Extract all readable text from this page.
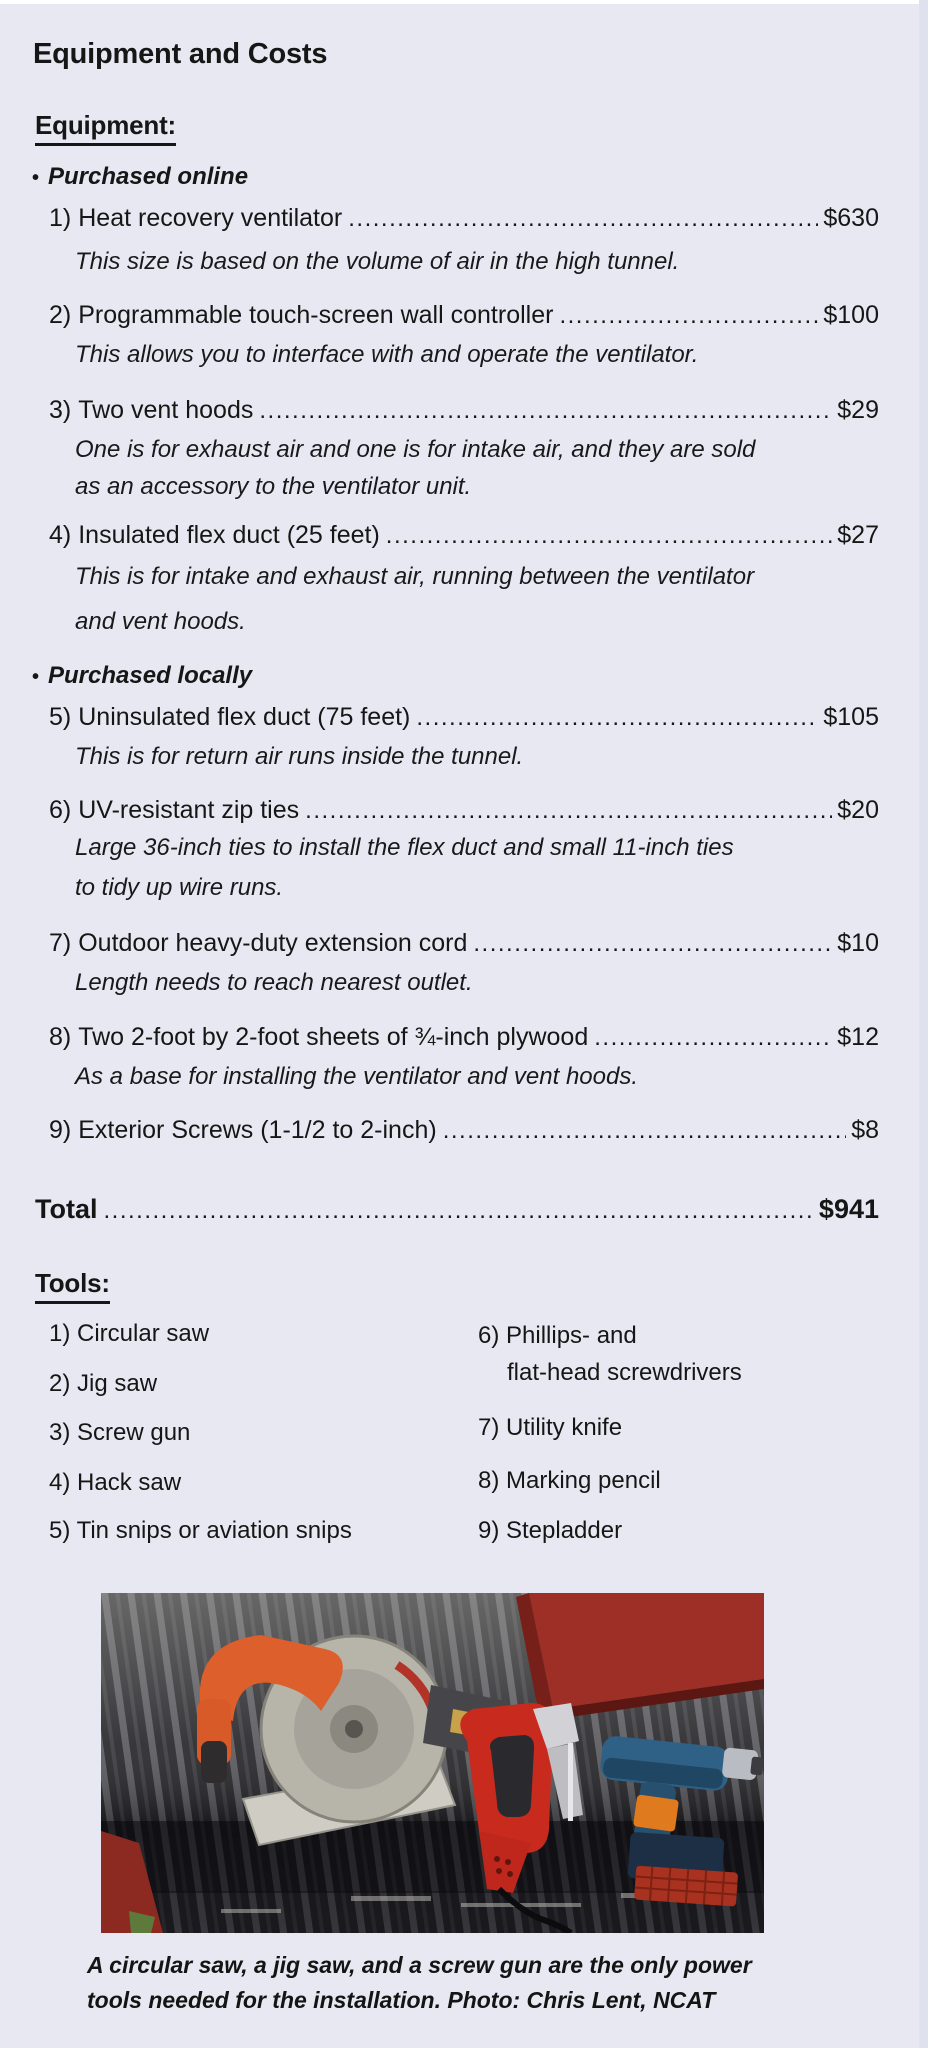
Equipment and Costs
Equipment:
• Purchased online
1) Heat recovery ventilator .....	$630
This size is based on the volume of air in the high tunnel.
2) Programmable touch-screen wall controller .....	$100
This allows you to interface with and operate the ventilator.
3) Two vent hoods .....	$29
One is for exhaust air and one is for intake air, and they are sold
as an accessory to the ventilator unit.
4) Insulated flex duct (25 feet) .....	$27
This is for intake and exhaust air, running between the ventilator
and vent hoods.
• Purchased locally
5) Uninsulated flex duct (75 feet) .....	$105
This is for return air runs inside the tunnel.
6) UV-resistant zip ties .....	$20
Large 36-inch ties to install the flex duct and small 11-inch ties
to tidy up wire runs.
7) Outdoor heavy-duty extension cord .....	$10
Length needs to reach nearest outlet.
8) Two 2-foot by 2-foot sheets of ¾-inch plywood .....	$12
As a base for installing the ventilator and vent hoods.
9) Exterior Screws (1-1/2 to 2-inch) .....	$8
Total .....	$941
Tools:
1) Circular saw
2) Jig saw
3) Screw gun
4) Hack saw
5) Tin snips or aviation snips
6) Phillips- and
flat-head screwdrivers
7) Utility knife
8) Marking pencil
9) Stepladder
A circular saw, a jig saw, and a screw gun are the only power
tools needed for the installation. Photo: Chris Lent, NCAT
